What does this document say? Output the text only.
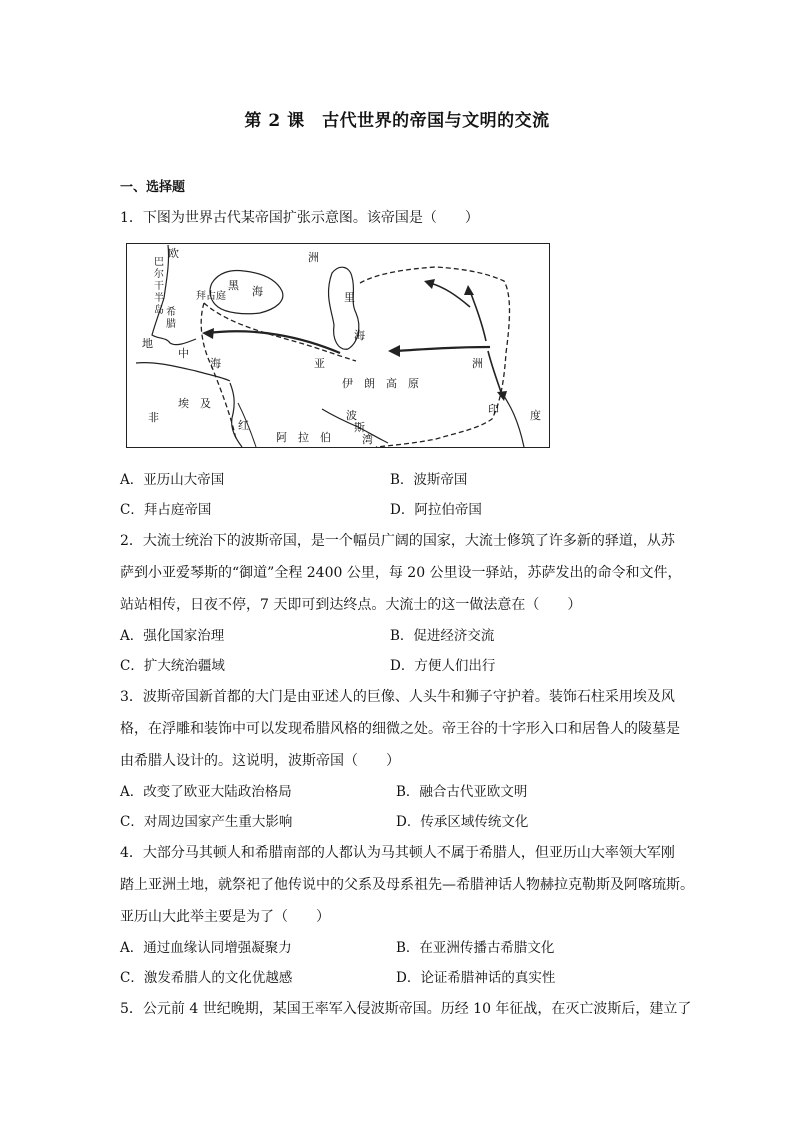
第 2 课　古代世界的帝国与文明的交流
一、选择题
1．下图为世界古代某帝国扩张示意图。该帝国是（　　）
欧	洲
巴
尔
干
半
岛 希
腊
拜占庭
黑 海	里
海
地
中
海	亚	洲
伊　朗　高　原
埃　及
非
红
阿　拉　伯
波
斯
湾
印	度
A．亚历山大帝国	B．波斯帝国
C．拜占庭帝国	D．阿拉伯帝国
2．大流士统治下的波斯帝国，是一个幅员广阔的国家，大流士修筑了许多新的驿道，从苏
萨到小亚爱琴斯的“御道”全程 2400 公里，每 20 公里设一驿站，苏萨发出的命令和文件，
站站相传，日夜不停，7 天即可到达终点。大流士的这一做法意在（　　）
A．强化国家治理	B．促进经济交流
C．扩大统治疆域	D．方便人们出行
3．波斯帝国新首都的大门是由亚述人的巨像、人头牛和狮子守护着。装饰石柱采用埃及风
格，在浮雕和装饰中可以发现希腊风格的细微之处。帝王谷的十字形入口和居鲁人的陵墓是
由希腊人设计的。这说明，波斯帝国（　　）
A．改变了欧亚大陆政治格局	B．融合古代亚欧文明
C．对周边国家产生重大影响	D．传承区域传统文化
4．大部分马其顿人和希腊南部的人都认为马其顿人不属于希腊人，但亚历山大率领大军刚
踏上亚洲土地，就祭祀了他传说中的父系及母系祖先—希腊神话人物赫拉克勒斯及阿喀琉斯。
亚历山大此举主要是为了（　　）
A．通过血缘认同增强凝聚力	B．在亚洲传播古希腊文化
C．激发希腊人的文化优越感	D．论证希腊神话的真实性
5．公元前 4 世纪晚期，某国王率军入侵波斯帝国。历经 10 年征战，在灭亡波斯后，建立了
